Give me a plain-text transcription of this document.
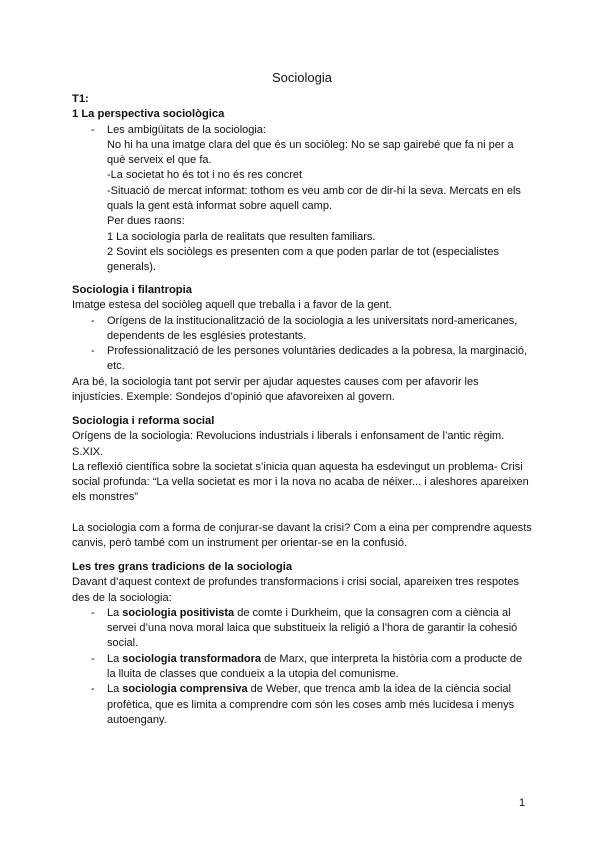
Sociologia

T1:

1 La perspectiva sociològica

- Les ambigüitats de la sociologia:

No hi ha una imatge clara del que és un sociòleg: No se sap gairebé que fa ni per a què serveix el que fa.

-La societat ho és tot i no és res concret

-Situació de mercat informat: tothom es veu amb cor de dir-hi la seva. Mercats en els quals la gent està informat sobre aquell camp.

Per dues raons:

1 La sociologia parla de realitats que resulten familiars.

2 Sovint els sociòlegs es presenten com a que poden parlar de tot (especialistes generals).

Sociologia i filantropia

Imatge estesa del sociòleg aquell que treballa i a favor de la gent.

- Orígens de la institucionalització de la sociologia a les universitats nord-americanes, dependents de les esglésies protestants.
- Professionalització de les persones voluntàries dedicades a la pobresa, la marginació, etc.

Ara bé, la sociologia tant pot servir per ajudar aquestes causes com per afavorir les injustícies. Exemple: Sondejos d’opinió que afavoreixen al govern.

Sociologia i reforma social

Orígens de la sociologia: Revolucions industrials i liberals i enfonsament de l’antic règim. S.XIX.

La reflexió científica sobre la societat s’inicia quan aquesta ha esdevingut un problema- Crisi social profunda: “La vella societat es mor i la nova no acaba de néixer... i aleshores apareixen els monstres”

La sociologia com a forma de conjurar-se davant la crisi? Com a eina per comprendre aquests canvis, però també com un instrument per orientar-se en la confusió.

Les tres grans tradicions de la sociologia

Davant d’aquest context de profundes transformacions i crisi social, apareixen tres respotes des de la sociologia:

- La sociologia positivista de comte i Durkheim, que la consagren com a ciència al servei d’una nova moral laica que substitueix la religió a l’hora de garantir la cohesió social.
- La sociologia transformadora de Marx, que interpreta la història com a producte de la lluita de classes que condueix a la utopia del comunisme.
- La sociologia comprensiva de Weber, que trenca amb la idea de la ciència social profètica, que es limita a comprendre com són les coses amb més lucidesa i menys autoengany.
1
